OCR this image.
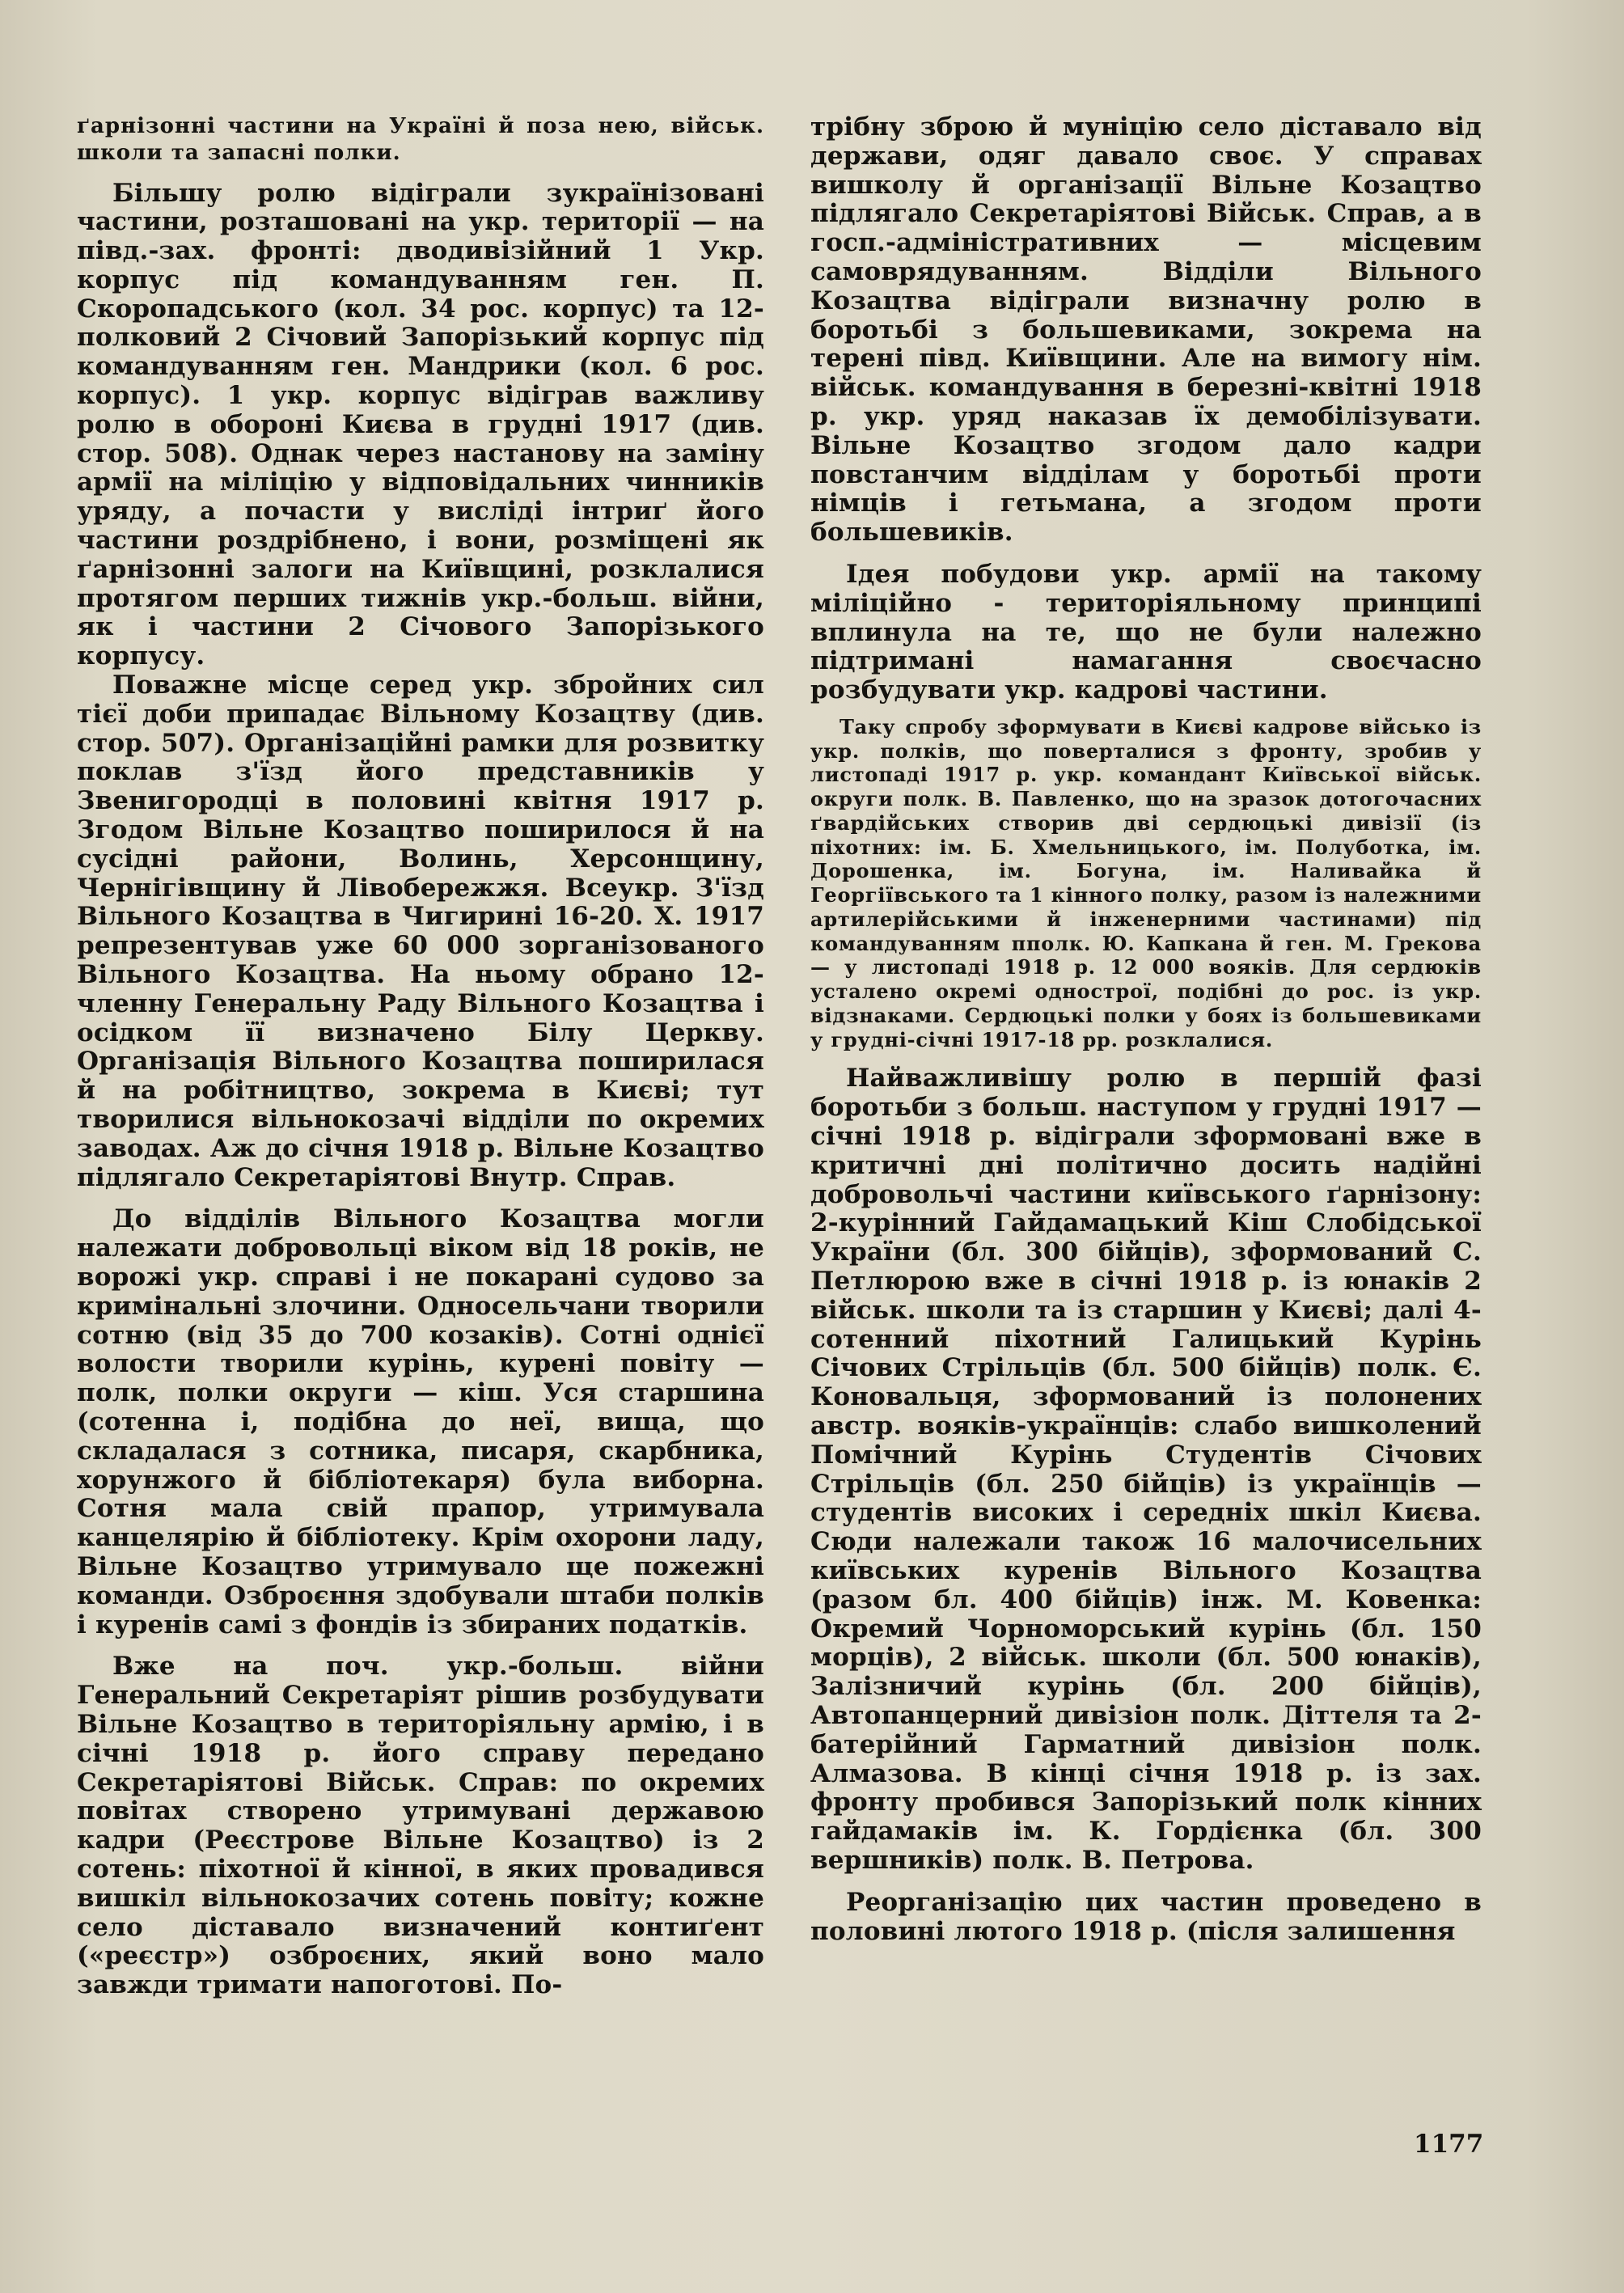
ґарнізонні частини на Україні й поза нею, військ. школи та запасні полки.

Більшу ролю відіграли зукраїнізовані частини, розташовані на укр. території — на півд.-зах. фронті: дводивізійний 1 Укр. корпус під командуванням ген. П. Скоропадського (кол. 34 рос. корпус) та 12-полковий 2 Січовий Запорізький корпус під командуванням ген. Мандрики (кол. 6 рос. корпус). 1 укр. корпус відіграв важливу ролю в обороні Києва в грудні 1917 (див. стор. 508). Однак через настанову на заміну армії на міліцію у відповідальних чинників уряду, а почасти у висліді інтриґ його частини роздрібнено, і вони, розміщені як ґарнізонні залоги на Київщині, розклалися протягом перших тижнів укр.-больш. війни, як і частини 2 Січового Запорізького корпусу.

Поважне місце серед укр. збройних сил тієї доби припадає Вільному Козацтву (див. стор. 507). Організаційні рамки для розвитку поклав з'їзд його представників у Звенигородці в половині квітня 1917 р. Згодом Вільне Козацтво поширилося й на сусідні райони, Волинь, Херсонщину, Чернігівщину й Лівобережжя. Всеукр. З'їзд Вільного Козацтва в Чигирині 16-20. X. 1917 репрезентував уже 60 000 зорганізованого Вільного Козацтва. На ньому обрано 12-членну Генеральну Раду Вільного Козацтва і осідком її визначено Білу Церкву. Організація Вільного Козацтва поширилася й на робітництво, зокрема в Києві; тут творилися вільнокозачі відділи по окремих заводах. Аж до січня 1918 р. Вільне Козацтво підлягало Секретаріятові Внутр. Справ.

До відділів Вільного Козацтва могли належати добровольці віком від 18 років, не ворожі укр. справі і не покарані судово за кримінальні злочини. Односельчани творили сотню (від 35 до 700 козаків). Сотні однієї волости творили курінь, курені повіту — полк, полки округи — кіш. Уся старшина (сотенна і, подібна до неї, вища, що складалася з сотника, писаря, скарбника, хорунжого й бібліотекаря) була виборна. Сотня мала свій прапор, утримувала канцелярію й бібліотеку. Крім охорони ладу, Вільне Козацтво утримувало ще пожежні команди. Озброєння здобували штаби полків і куренів самі з фондів із збираних податків.

Вже на поч. укр.-больш. війни Генеральний Секретаріят рішив розбудувати Вільне Козацтво в територіяльну армію, і в січні 1918 р. його справу передано Секретаріятові Військ. Справ: по окремих повітах створено утримувані державою кадри (Реєстрове Вільне Козацтво) із 2 сотень: піхотної й кінної, в яких провадився вишкіл вільнокозачих сотень повіту; кожне село діставало визначений контиґент («реєстр») озброєних, який воно мало завжди тримати напоготові. По-

трібну зброю й муніцію село діставало від держави, одяг давало своє. У справах вишколу й організації Вільне Козацтво підлягало Секретаріятові Військ. Справ, а в госп.-адміністративних — місцевим самоврядуванням. Відділи Вільного Козацтва відіграли визначну ролю в боротьбі з большевиками, зокрема на терені півд. Київщини. Але на вимогу нім. військ. командування в березні-квітні 1918 р. укр. уряд наказав їх демобілізувати. Вільне Козацтво згодом дало кадри повстанчим відділам у боротьбі проти німців і гетьмана, а згодом проти большевиків.

Ідея побудови укр. армії на такому міліційно - територіяльному принципі вплинула на те, що не були належно підтримані намагання своєчасно розбудувати укр. кадрові частини.

Таку спробу зформувати в Києві кадрове військо із укр. полків, що поверталися з фронту, зробив у листопаді 1917 р. укр. командант Київської військ. округи полк. В. Павленко, що на зразок дотогочасних ґвардійських створив дві сердюцькі дивізії (із піхотних: ім. Б. Хмельницького, ім. Полуботка, ім. Дорошенка, ім. Богуна, ім. Наливайка й Георгіївського та 1 кінного полку, разом із належними артилерійськими й інженерними частинами) під командуванням пполк. Ю. Капкана й ген. М. Грекова — у листопаді 1918 р. 12 000 вояків. Для сердюків усталено окремі однострої, подібні до рос. із укр. відзнаками. Сердюцькі полки у боях із большевиками у грудні-січні 1917-18 рр. розклалися.

Найважливішу ролю в першій фазі боротьби з больш. наступом у грудні 1917 — січні 1918 р. відіграли зформовані вже в критичні дні політично досить надійні добровольчі частини київського ґарнізону: 2-курінний Гайдамацький Кіш Слобідської України (бл. 300 бійців), зформований С. Петлюрою вже в січні 1918 р. із юнаків 2 військ. школи та із старшин у Києві; далі 4-сотенний піхотний Галицький Курінь Січових Стрільців (бл. 500 бійців) полк. Є. Коновальця, зформований із полонених австр. вояків-українців: слабо вишколений Помічний Курінь Студентів Січових Стрільців (бл. 250 бійців) із українців — студентів високих і середніх шкіл Києва. Сюди належали також 16 малочисельних київських куренів Вільного Козацтва (разом бл. 400 бійців) інж. М. Ковенка: Окремий Чорноморський курінь (бл. 150 морців), 2 військ. школи (бл. 500 юнаків), Залізничий курінь (бл. 200 бійців), Автопанцерний дивізіон полк. Діттеля та 2-батерійний Гарматний дивізіон полк. Алмазова. В кінці січня 1918 р. із зах. фронту пробився Запорізький полк кінних гайдамаків ім. К. Гордієнка (бл. 300 вершників) полк. В. Петрова.

Реорганізацію цих частин проведено в половині лютого 1918 р. (після залишення

1177
